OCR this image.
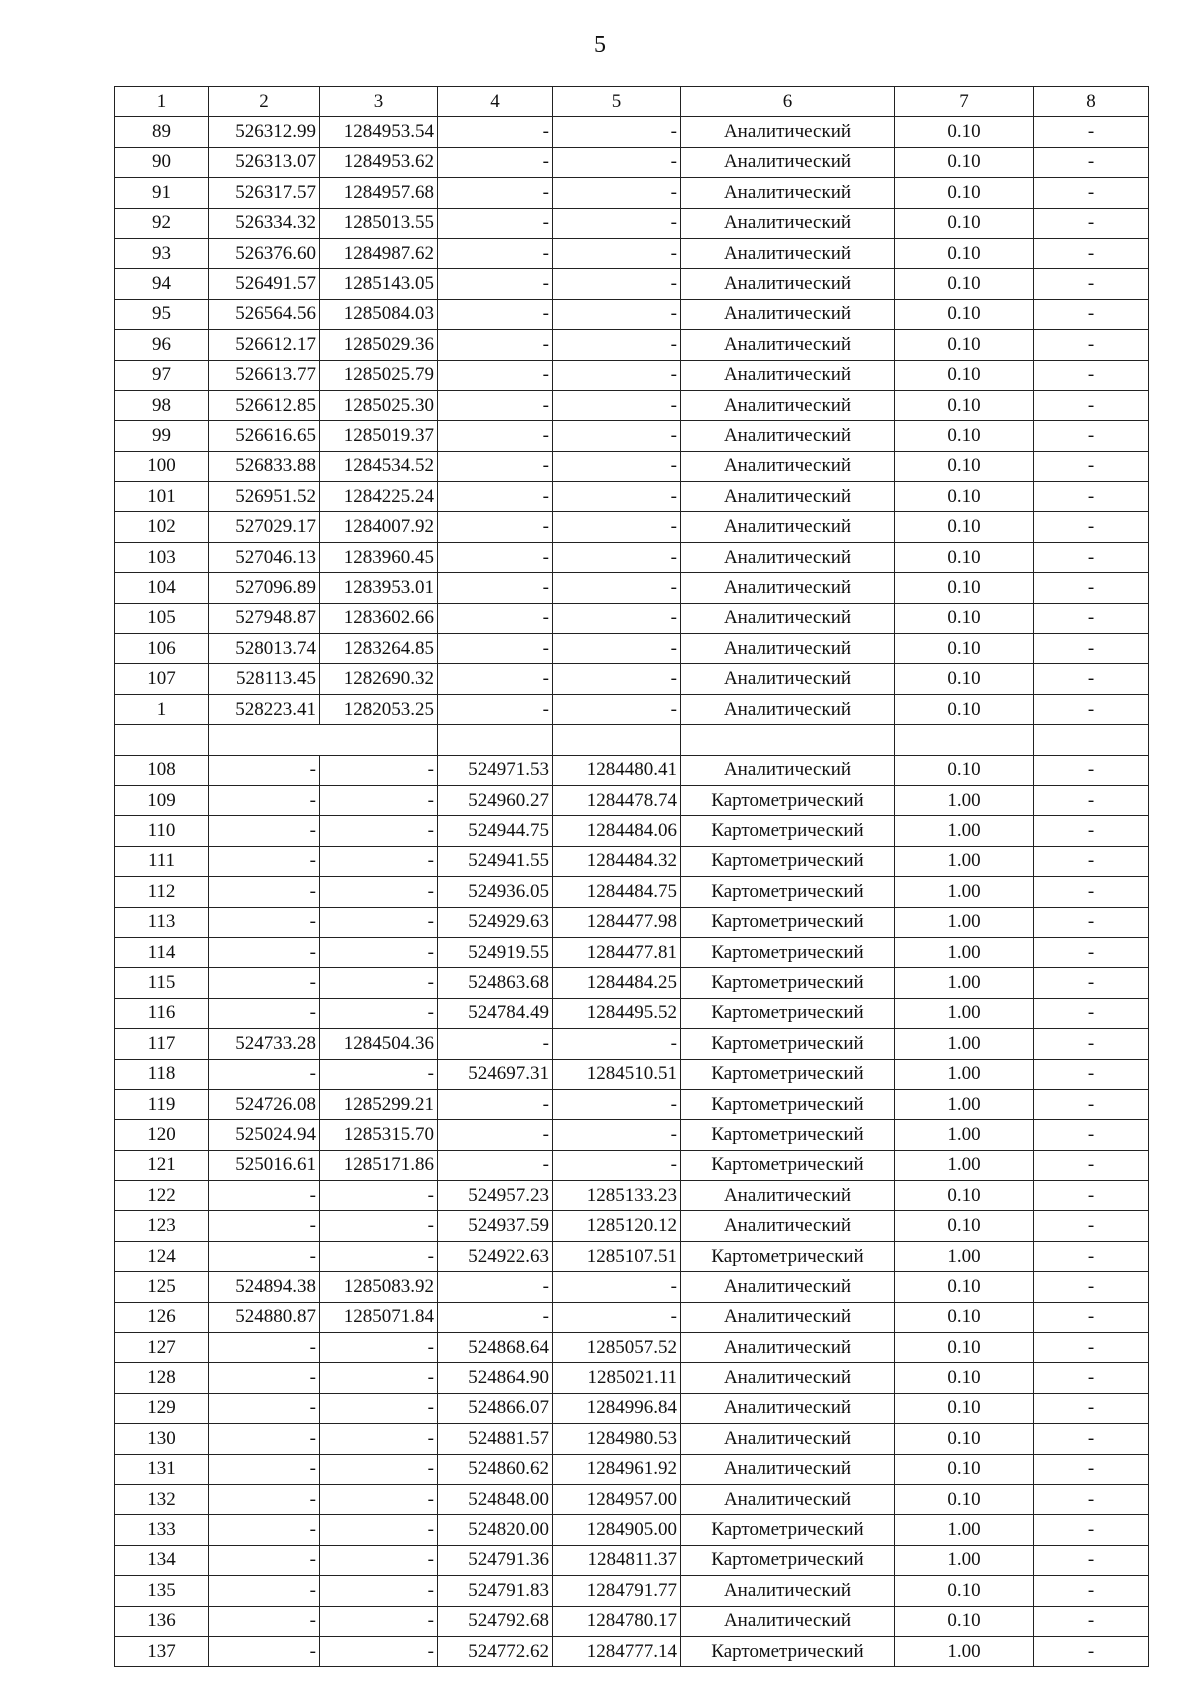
5
1	2	3	4	5	6	7	8
89	526312.99	1284953.54	-	-	Аналитический	0.10	-
90	526313.07	1284953.62	-	-	Аналитический	0.10	-
91	526317.57	1284957.68	-	-	Аналитический	0.10	-
92	526334.32	1285013.55	-	-	Аналитический	0.10	-
93	526376.60	1284987.62	-	-	Аналитический	0.10	-
94	526491.57	1285143.05	-	-	Аналитический	0.10	-
95	526564.56	1285084.03	-	-	Аналитический	0.10	-
96	526612.17	1285029.36	-	-	Аналитический	0.10	-
97	526613.77	1285025.79	-	-	Аналитический	0.10	-
98	526612.85	1285025.30	-	-	Аналитический	0.10	-
99	526616.65	1285019.37	-	-	Аналитический	0.10	-
100	526833.88	1284534.52	-	-	Аналитический	0.10	-
101	526951.52	1284225.24	-	-	Аналитический	0.10	-
102	527029.17	1284007.92	-	-	Аналитический	0.10	-
103	527046.13	1283960.45	-	-	Аналитический	0.10	-
104	527096.89	1283953.01	-	-	Аналитический	0.10	-
105	527948.87	1283602.66	-	-	Аналитический	0.10	-
106	528013.74	1283264.85	-	-	Аналитический	0.10	-
107	528113.45	1282690.32	-	-	Аналитический	0.10	-
1	528223.41	1282053.25	-	-	Аналитический	0.10	-

108	-	-	524971.53	1284480.41	Аналитический	0.10	-
109	-	-	524960.27	1284478.74	Картометрический	1.00	-
110	-	-	524944.75	1284484.06	Картометрический	1.00	-
111	-	-	524941.55	1284484.32	Картометрический	1.00	-
112	-	-	524936.05	1284484.75	Картометрический	1.00	-
113	-	-	524929.63	1284477.98	Картометрический	1.00	-
114	-	-	524919.55	1284477.81	Картометрический	1.00	-
115	-	-	524863.68	1284484.25	Картометрический	1.00	-
116	-	-	524784.49	1284495.52	Картометрический	1.00	-
117	524733.28	1284504.36	-	-	Картометрический	1.00	-
118	-	-	524697.31	1284510.51	Картометрический	1.00	-
119	524726.08	1285299.21	-	-	Картометрический	1.00	-
120	525024.94	1285315.70	-	-	Картометрический	1.00	-
121	525016.61	1285171.86	-	-	Картометрический	1.00	-
122	-	-	524957.23	1285133.23	Аналитический	0.10	-
123	-	-	524937.59	1285120.12	Аналитический	0.10	-
124	-	-	524922.63	1285107.51	Картометрический	1.00	-
125	524894.38	1285083.92	-	-	Аналитический	0.10	-
126	524880.87	1285071.84	-	-	Аналитический	0.10	-
127	-	-	524868.64	1285057.52	Аналитический	0.10	-
128	-	-	524864.90	1285021.11	Аналитический	0.10	-
129	-	-	524866.07	1284996.84	Аналитический	0.10	-
130	-	-	524881.57	1284980.53	Аналитический	0.10	-
131	-	-	524860.62	1284961.92	Аналитический	0.10	-
132	-	-	524848.00	1284957.00	Аналитический	0.10	-
133	-	-	524820.00	1284905.00	Картометрический	1.00	-
134	-	-	524791.36	1284811.37	Картометрический	1.00	-
135	-	-	524791.83	1284791.77	Аналитический	0.10	-
136	-	-	524792.68	1284780.17	Аналитический	0.10	-
137	-	-	524772.62	1284777.14	Картометрический	1.00	-
